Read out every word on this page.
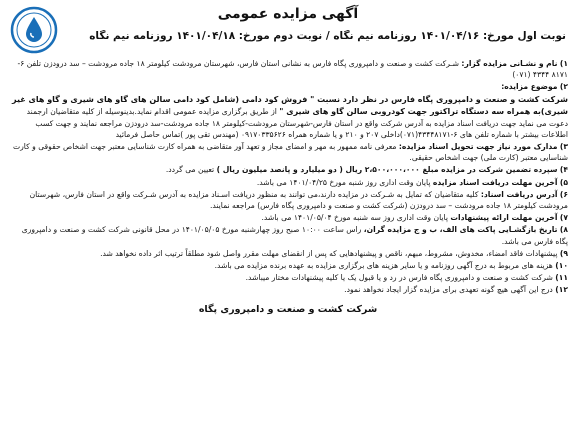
آگهی مزایده عمومی
نوبت اول مورخ: ۱۴۰۱/۰۴/۱۶ روزنامه نیم نگاه / نوبت دوم مورخ: ۱۴۰۱/۰۴/۱۸ روزنامه نیم نگاه
۱) نام و نشـانی مزایده گزار: شـرکت کشت و صنعت و دامپروری پگاه فارس به نشانی استان فارس، شهرستان مرودشت کیلومتر ۱۸ جاده مرودشت – سد درودزن تلفن ۶- ۸۱۷۱ ۴۳۴۴ (۰۷۱)
۲) موضوع مزایده:
شرکت کشت و صنعت و دامپروری پگاه فارس در نظر دارد نسبت " فروش کود دامی (شامل کود دامی سالن های گاو های شیری و گاو های غیر شیری)به همراه سه دستگاه تراکتور جهت کودروبی سالن گاو های شیری " از طریق برگزاری مزایده عمومی اقدام نماید.بدینوسیله از کلیه متقاضیان ارجمند دعوت می نماید جهت دریافت اسناد مزایده به آدرس شرکت واقع در استان فارس-شهرستان مرودشت-کیلومتر ۱۸ جاده مرودشت-سد درودزن مراجعه نمایند و جهت کسب اطلاعات بیشتر با شماره تلفن های ۶-۴۳۴۴۸۱۷۱(۰۷۱)داخلی ۲۰۷ و ۲۱۰ و یا شماره همراه ۰۹۱۷۰۳۳۵۶۲۶ (مهندس تقی پور )تماس حاصل فرمائید
۳) مدارک مورد نیاز جهت تحویل اسناد مزایده: معرفی نامه ممهور به مهر و امضای مجاز و تعهد آور متقاضی به همراه کارت شناسایی معتبر جهت اشخاص حقوقی و کارت شناسایی معتبر (کارت ملی) جهت اشخاص حقیقی.
۴) سپرده تضمین شرکت در مزایده مبلغ ۲،۵۰۰،۰۰۰،۰۰۰ ریال ( دو میلیارد و پانصد میلیون ریال ) تعیین می گردد.
۵) آخرین مهلت دریافت اسناد مزایده پایان وقت اداری روز شنبه مورخ ۱۴۰۱/۰۴/۲۵ می باشد.
۶) آدرس دریافت اسناد: کلیه متقاضیان که تمایل به شـرکت در مزایده دارند،می توانند به منظور دریافت اسـناد مزایده به آدرس شـرکت واقع در استان فارس، شهرستان مرودشت کیلومتر ۱۸ جاده مرودشت – سد درودزن (شرکت کشت و صنعت و دامپروری پگاه فارس) مراجعه نمایند.
۷) آخرین مهلت ارائه پیشنهادات پایان وقت اداری روز سه شنبه مورخ ۱۴۰۱/۰۵/۰۴ می باشد.
۸) تاریخ بازگشـایی پاکت های الف، ب و ج مزایده گران، راس ساعت ۱۰:۰۰ صبح روز چهارشنبه مورخ ۱۴۰۱/۰۵/۰۵ در محل قانونی شرکت کشت و صنعت و دامپروری پگاه فارس می باشد.
۹) پیشنهادات فاقد امضاء، مخدوش، مشروط، مبهم، ناقص و پیشنهادهایی که پس از انقضای مهلت مقرر واصل شود مطلقاً ترتیب اثر داده نخواهد شد.
۱۰) هزینه های مربوط به درج آگهی روزنامه و یا سایر هزینه های برگزاری مزایده به عهده برنده مزایده می باشد.
۱۱) شرکت کشت و صنعت و دامپروری پگاه فارس در رد و یا قبول یک یا کلیه پیشنهادات مختار میباشد.
۱۲) درج این آگهی هیچ گونه تعهدی برای مزایده گزار ایجاد نخواهد نمود.
شرکت کشت و صنعت و دامپروری پگاه
